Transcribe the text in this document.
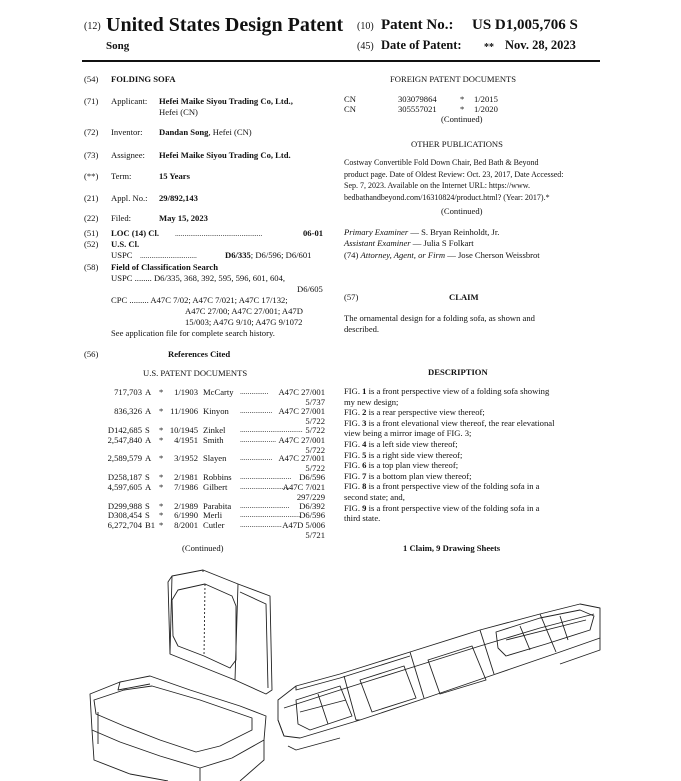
(12) United States Design Patent
Song
(10) Patent No.: US D1,005,706 S
(45) Date of Patent: ** Nov. 28, 2023
(54) FOLDING SOFA
(71) Applicant: Hefei Maike Siyou Trading Co, Ltd.,
Hefei (CN)
(72) Inventor: Dandan Song, Hefei (CN)
(73) Assignee: Hefei Maike Siyou Trading Co, Ltd.
(**) Term:	15 Years
(21) Appl. No.: 29/892,143
(22) Filed:	May 15, 2023
(51) LOC (14) Cl. ..............................................	06-01
(52) U.S. Cl.
USPC ..............................	D6/335; D6/596; D6/601
(58) Field of Classification Search
USPC ........ D6/335, 368, 392, 595, 596, 601, 604,
D6/605
CPC ......... A47C 7/02; A47C 7/021; A47C 17/132;
A47C 27/00; A47C 27/001; A47D
15/003; A47G 9/10; A47G 9/1072
See application file for complete search history.
(56)	References Cited
U.S. PATENT DOCUMENTS
717,703 A * 1/1903 McCarty ............... A47C 27/001
5/737
836,326 A * 11/1906 Kinyon ................. A47C 27/001
5/722
D142,685 S * 10/1945 Zinkel ................................. 5/722
2,547,840 A * 4/1951 Smith ................... A47C 27/001
5/722
2,589,579 A * 3/1952 Slayen ................. A47C 27/001
5/722
D258,187 S * 2/1981 Robbins ........................... D6/596
4,597,605 A * 7/1986 Gilbert ...........................
A47C 7/021
297/229
D299,988 S * 2/1989 Parabita .......................... D6/392
D308,454 S * 6/1990 Merli ................................
D6/596
6,272,704 B1 * 8/2001 Cutler ...................... A47D 5/006
5/721
(Continued)
FOREIGN PATENT DOCUMENTS
CN	303079864	* 1/2015
CN	305557021	* 1/2020
(Continued)
OTHER PUBLICATIONS
Costway Convertible Fold Down Chair, Bed Bath & Beyond
product page. Date of Oldest Review: Oct. 23, 2017, Date Accessed:
Sep. 7, 2023. Available on the Internet URL: https://www.
bedbathandbeyond.com/16310824/product.html? (Year: 2017).*
(Continued)
Primary Examiner — S. Bryan Reinholdt, Jr.
Assistant Examiner — Julia S Folkart
(74) Attorney, Agent, or Firm — Jose Cherson Weissbrot
(57)	CLAIM
The ornamental design for a folding sofa, as shown and
described.
DESCRIPTION
FIG. 1 is a front perspective view of a folding sofa showing
my new design;
FIG. 2 is a rear perspective view thereof;
FIG. 3 is a front elevational view thereof, the rear elevational
view being a mirror image of FIG. 3;
FIG. 4 is a left side view thereof;
FIG. 5 is a right side view thereof;
FIG. 6 is a top plan view thereof;
FIG. 7 is a bottom plan view thereof;
FIG. 8 is a front perspective view of the folding sofa in a
second state; and,
FIG. 9 is a front perspective view of the folding sofa in a
third state.
1 Claim, 9 Drawing Sheets
